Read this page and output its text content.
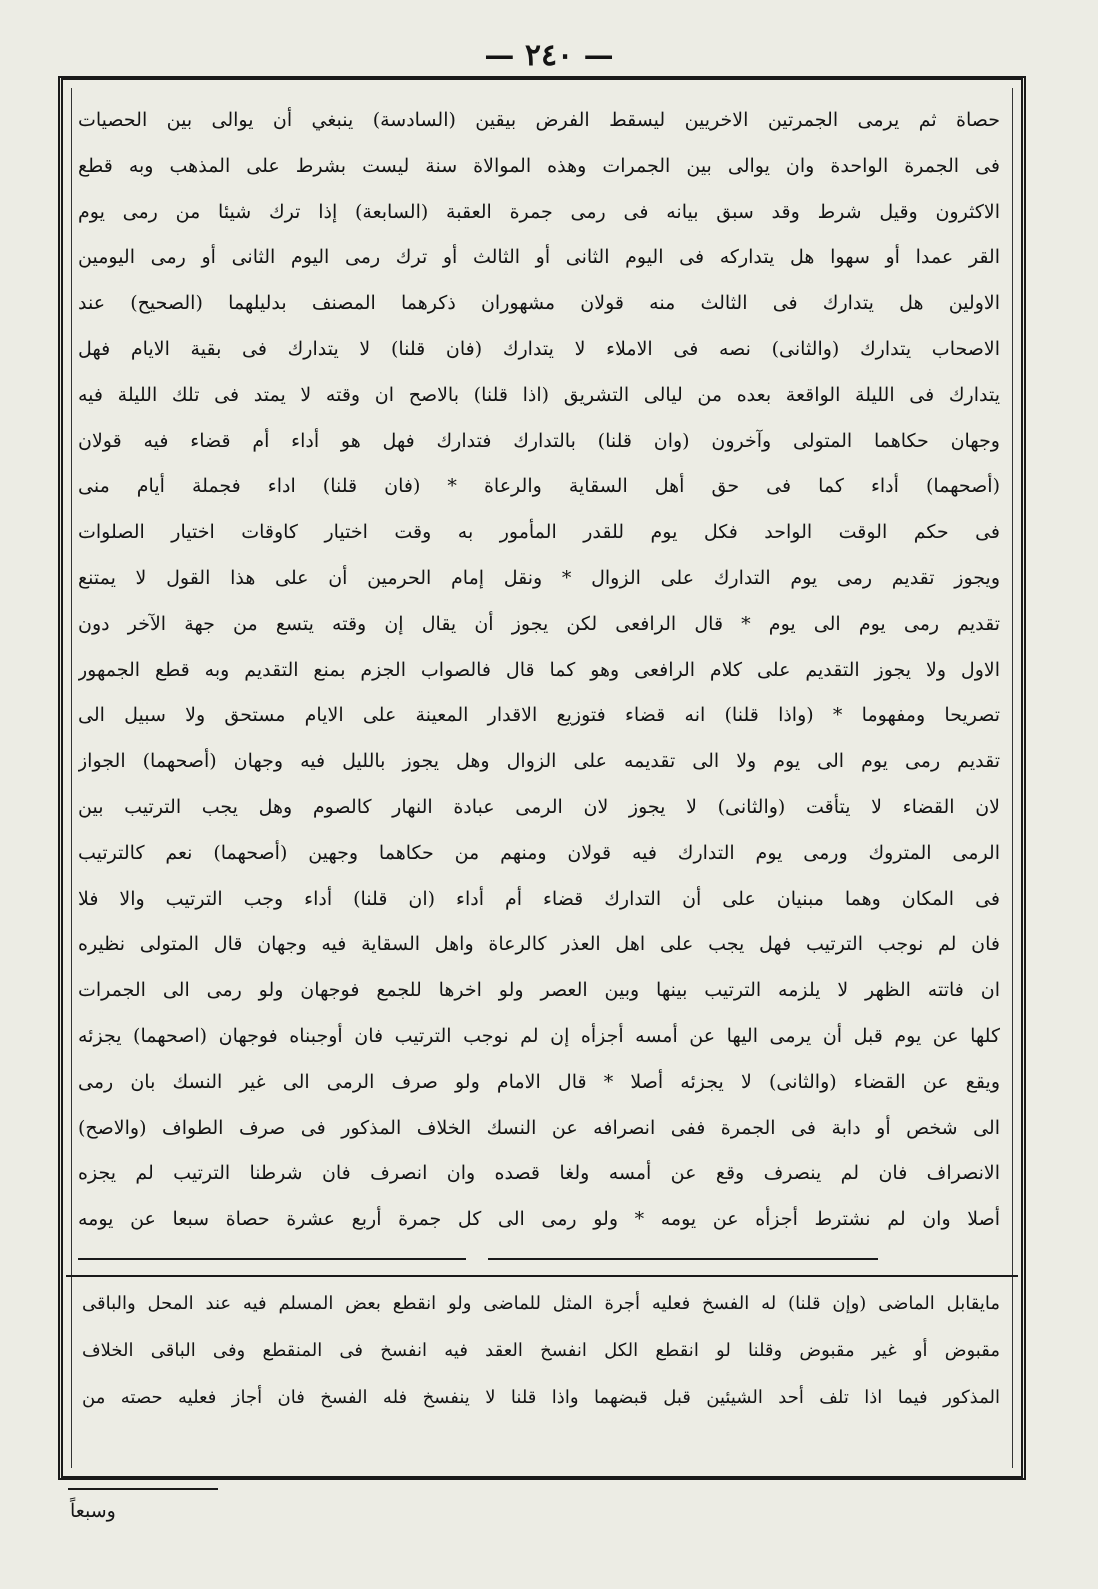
— ٢٤٠ —
حصاة ثم يرمى الجمرتين الاخريين ليسقط الفرض بيقين (السادسة) ينبغي أن يوالى بين الحصيات
فى الجمرة الواحدة وان يوالى بين الجمرات وهذه الموالاة سنة ليست بشرط على المذهب وبه قطع
الاكثرون وقيل شرط وقد سبق بيانه فى رمى جمرة العقبة (السابعة) إذا ترك شيئا من رمى يوم
القر عمدا أو سهوا هل يتداركه فى اليوم الثانى أو الثالث أو ترك رمى اليوم الثانى أو رمى اليومين
الاولين هل يتدارك فى الثالث منه قولان مشهوران ذكرهما المصنف بدليلهما (الصحيح) عند
الاصحاب يتدارك (والثانى) نصه فى الاملاء لا يتدارك (فان قلنا) لا يتدارك فى بقية الايام فهل
يتدارك فى الليلة الواقعة بعده من ليالى التشريق (اذا قلنا) بالاصح ان وقته لا يمتد فى تلك الليلة فيه
وجهان حكاهما المتولى وآخرون (وان قلنا) بالتدارك فتدارك فهل هو أداء أم قضاء فيه قولان
(أصحهما) أداء كما فى حق أهل السقاية والرعاة * (فان قلنا) اداء فجملة أيام منى
فى حكم الوقت الواحد فكل يوم للقدر المأمور به وقت اختيار كاوقات اختيار الصلوات
ويجوز تقديم رمى يوم التدارك على الزوال * ونقل إمام الحرمين أن على هذا القول لا يمتنع
تقديم رمى يوم الى يوم * قال الرافعى لكن يجوز أن يقال إن وقته يتسع من جهة الآخر دون
الاول ولا يجوز التقديم على كلام الرافعى وهو كما قال فالصواب الجزم بمنع التقديم وبه قطع الجمهور
تصريحا ومفهوما * (واذا قلنا) انه قضاء فتوزيع الاقدار المعينة على الايام مستحق ولا سبيل الى
تقديم رمى يوم الى يوم ولا الى تقديمه على الزوال وهل يجوز بالليل فيه وجهان (أصحهما) الجواز
لان القضاء لا يتأقت (والثانى) لا يجوز لان الرمى عبادة النهار كالصوم وهل يجب الترتيب بين
الرمى المتروك ورمى يوم التدارك فيه قولان ومنهم من حكاهما وجهين (أصحهما) نعم كالترتيب
فى المكان وهما مبنيان على أن التدارك قضاء أم أداء (ان قلنا) أداء وجب الترتيب والا فلا
فان لم نوجب الترتيب فهل يجب على اهل العذر كالرعاة واهل السقاية فيه وجهان قال المتولى نظيره
ان فاتته الظهر لا يلزمه الترتيب بينها وبين العصر ولو اخرها للجمع فوجهان ولو رمى الى الجمرات
كلها عن يوم قبل أن يرمى اليها عن أمسه أجزأه إن لم نوجب الترتيب فان أوجبناه فوجهان (اصحهما) يجزئه
ويقع عن القضاء (والثانى) لا يجزئه أصلا * قال الامام ولو صرف الرمى الى غير النسك بان رمى
الى شخص أو دابة فى الجمرة ففى انصرافه عن النسك الخلاف المذكور فى صرف الطواف (والاصح)
الانصراف فان لم ينصرف وقع عن أمسه ولغا قصده وان انصرف فان شرطنا الترتيب لم يجزه
أصلا وان لم نشترط أجزأه عن يومه * ولو رمى الى كل جمرة أربع عشرة حصاة سبعا عن يومه
مايقابل الماضى (وإن قلنا) له الفسخ فعليه أجرة المثل للماضى ولو انقطع بعض المسلم فيه عند المحل والباقى
مقبوض أو غير مقبوض وقلنا لو انقطع الكل انفسخ العقد فيه انفسخ فى المنقطع وفى الباقى الخلاف
المذكور فيما اذا تلف أحد الشيئين قبل قبضهما واذا قلنا لا ينفسخ فله الفسخ فان أجاز فعليه حصته من
وسبعاً
